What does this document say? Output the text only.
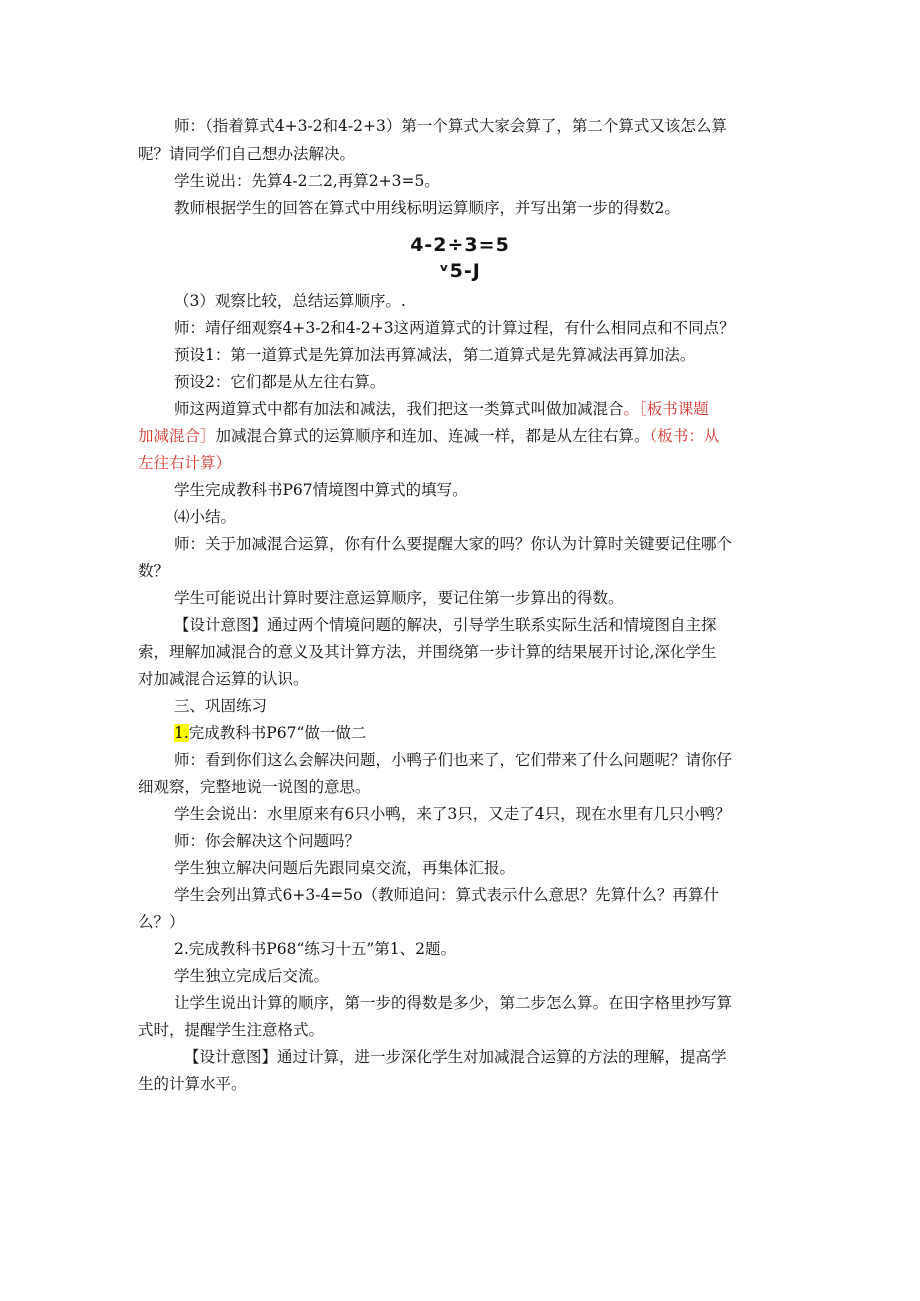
师：（指着算式4+3-2和4-2+3）第一个算式大家会算了，第二个算式又该怎么算
呢？请同学们自己想办法解决。
学生说出：先算4-2二2,再算2+3=5。
教师根据学生的回答在算式中用线标明运算顺序，并写出第一步的得数2。
4-2÷3=5
ᵛ5-J
（3）观察比较，总结运算顺序。.
师：靖仔细观察4+3-2和4-2+3这两道算式的计算过程，有什么相同点和不同点？
预设1：第一道算式是先算加法再算减法，第二道算式是先算减法再算加法。
预设2：它们都是从左往右算。
师这两道算式中都有加法和减法，我们把这一类算式叫做加减混合。［板书课题
加减混合］加减混合算式的运算顺序和连加、连减一样，都是从左往右算。（板书：从
左往右计算）
学生完成教科书P67情境图中算式的填写。
⑷小结。
师：关于加减混合运算，你有什么要提醒大家的吗？你认为计算时关键要记住哪个
数？
学生可能说出计算时要注意运算顺序，要记住第一步算出的得数。
【设计意图】通过两个情境问题的解决，引导学生联系实际生活和情境图自主探
索，理解加减混合的意义及其计算方法，并围绕第一步计算的结果展开讨论,深化学生
对加减混合运算的认识。
三、巩固练习
1.完成教科书P67“做一做二
师：看到你们这么会解决问题，小鸭子们也来了，它们带来了什么问题呢？请你仔
细观察，完整地说一说图的意思。
学生会说出：水里原来有6只小鸭，来了3只，又走了4只，现在水里有几只小鸭？
师：你会解决这个问题吗？
学生独立解决问题后先跟同桌交流，再集体汇报。
学生会列出算式6+3-4=5o（教师追问：算式表示什么意思？先算什么？再算什
么？）
2.完成教科书P68“练习十五”第1、2题。
学生独立完成后交流。
让学生说出计算的顺序，第一步的得数是多少，第二步怎么算。在田字格里抄写算
式时，提醒学生注意格式。
【设计意图】通过计算，进一步深化学生对加减混合运算的方法的理解，提高学
生的计算水平。
